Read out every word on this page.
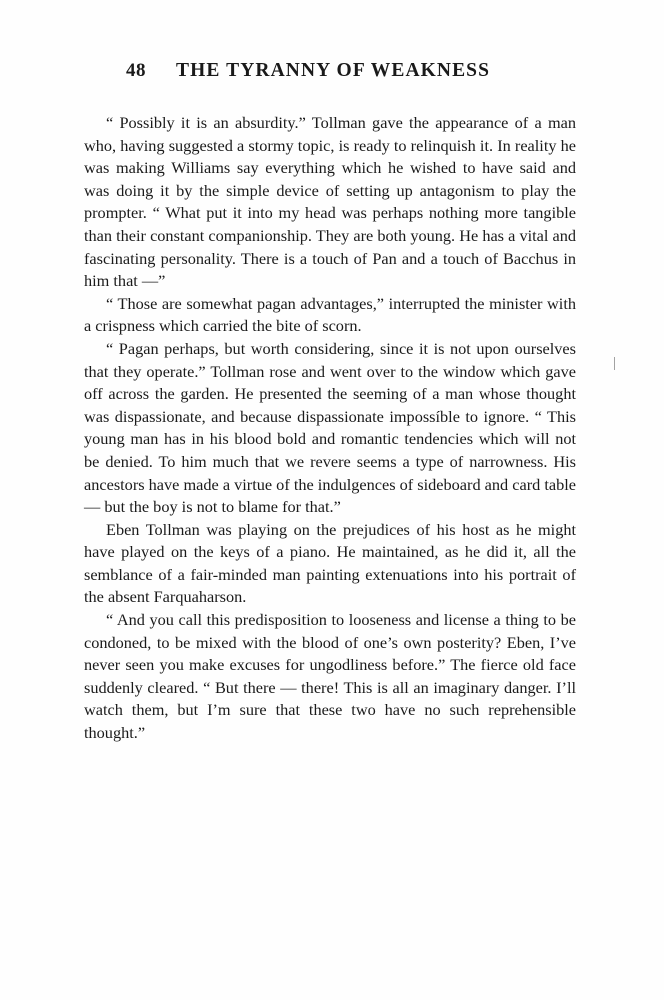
48 THE TYRANNY OF WEAKNESS

“ Possibly it is an absurdity.” Tollman gave the appearance of a man who, having suggested a stormy topic, is ready to relinquish it. In reality he was making Williams say everything which he wished to have said and was doing it by the simple device of setting up antagonism to play the prompter. “ What put it into my head was perhaps nothing more tangible than their constant companionship. They are both young. He has a vital and fascinating personality. There is a touch of Pan and a touch of Bacchus in him that —”

“ Those are somewhat pagan advantages,” interrupted the minister with a crispness which carried the bite of scorn.

“ Pagan perhaps, but worth considering, since it is not upon ourselves that they operate.” Tollman rose and went over to the window which gave off across the garden. He presented the seeming of a man whose thought was dispassionate, and because dispassionate impossíble to ignore. “ This young man has in his blood bold and romantic tendencies which will not be denied. To him much that we revere seems a type of narrowness. His ancestors have made a virtue of the indulgences of sideboard and card table — but the boy is not to blame for that.”

Eben Tollman was playing on the prejudices of his host as he might have played on the keys of a piano. He maintained, as he did it, all the semblance of a fair-minded man painting extenuations into his portrait of the absent Farquaharson.

“ And you call this predisposition to looseness and license a thing to be condoned, to be mixed with the blood of one’s own posterity? Eben, I’ve never seen you make excuses for ungodliness before.” The fierce old face suddenly cleared. “ But there — there! This is all an imaginary danger. I’ll watch them, but I’m sure that these two have no such reprehensible thought.”
